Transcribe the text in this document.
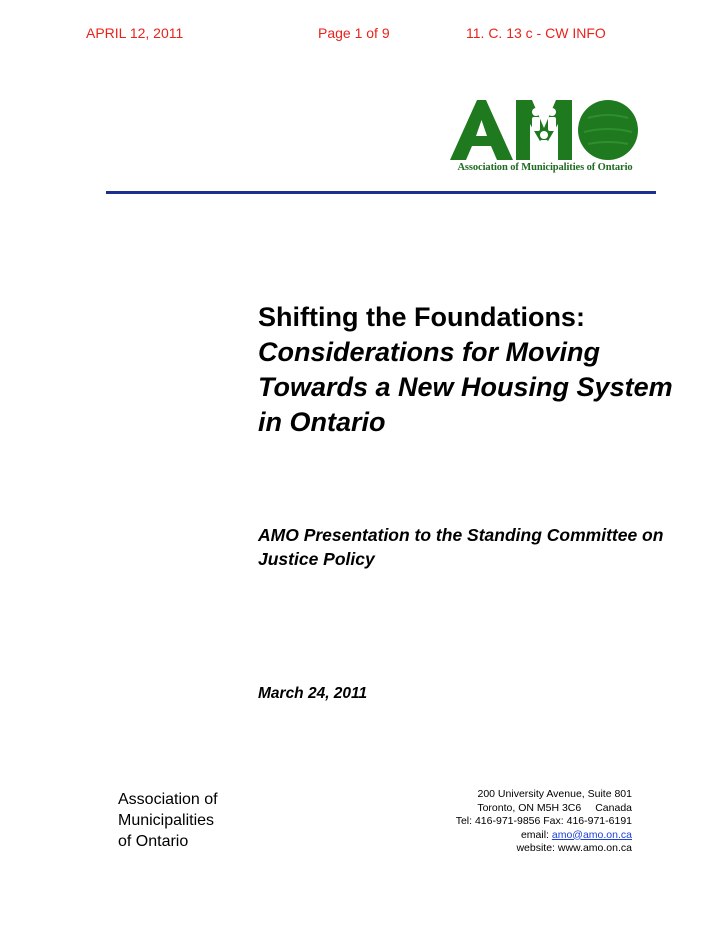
APRIL 12, 2011	Page 1 of 9	11. C. 13 c - CW INFO
Association of Municipalities of Ontario
Shifting the Foundations:
Considerations for Moving Towards a New Housing System in Ontario
AMO Presentation to the Standing Committee on Justice Policy
March 24, 2011
Association of
Municipalities
of Ontario
200 University Avenue, Suite 801
Toronto, ON M5H 3C6 Canada
Tel: 416-971-9856 Fax: 416-971-6191
email: amo@amo.on.ca
website: www.amo.on.ca
